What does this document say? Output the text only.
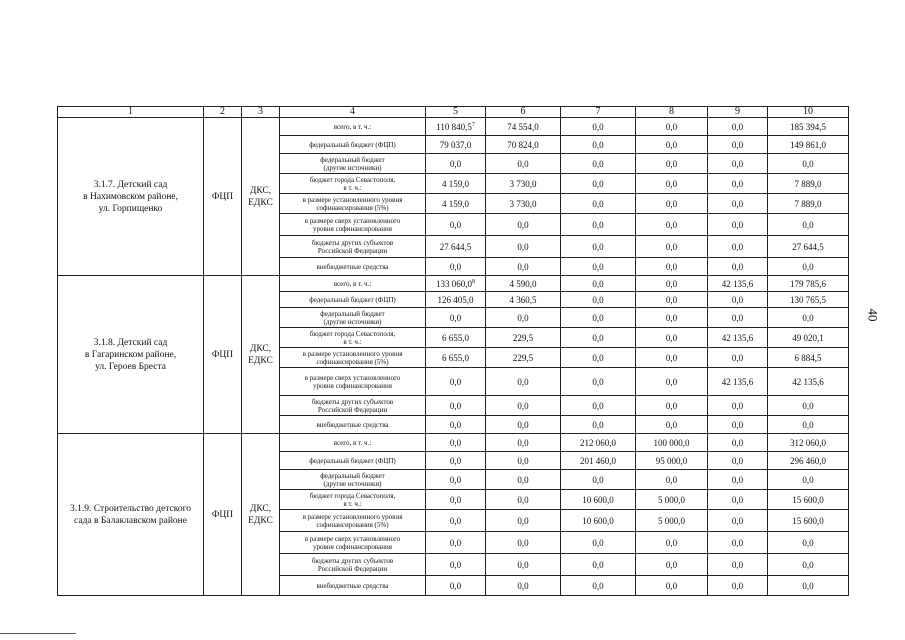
40
1	2	3	4	5	6	7	8	9	10
3.1.7. Детский сад
в Нахимовском районе,
ул. Горпищенко	ФЦП	ДКС,
ЕДКС	всего, в т. ч.:	110 840,5$^7$	74 554,0	0,0	0,0	0,0	185 394,5
			федеральный бюджет (ФЦП)	79 037,0	70 824,0	0,0	0,0	0,0	149 861,0
			федеральный бюджет
(другие источники)	0,0	0,0	0,0	0,0	0,0	0,0
			бюджет города Севастополя,
в т. ч.:	4 159,0	3 730,0	0,0	0,0	0,0	7 889,0
			в размере установленного уровня
софинансирования (5%)	4 159,0	3 730,0	0,0	0,0	0,0	7 889,0
			в размере сверх установленного
уровня софинансирования	0,0	0,0	0,0	0,0	0,0	0,0
			бюджеты других субъектов
Российской Федерации	27 644,5	0,0	0,0	0,0	0,0	27 644,5
			внебюджетные средства	0,0	0,0	0,0	0,0	0,0	0,0
3.1.8. Детский сад
в Гагаринском районе,
ул. Героев Бреста	ФЦП	ДКС,
ЕДКС	всего, в т. ч.:	133 060,0$^8$	4 590,0	0,0	0,0	42 135,6	179 785,6
			федеральный бюджет (ФЦП)	126 405,0	4 360,5	0,0	0,0	0,0	130 765,5
			федеральный бюджет
(другие источники)	0,0	0,0	0,0	0,0	0,0	0,0
			бюджет города Севастополя,
в т. ч.:	6 655,0	229,5	0,0	0,0	42 135,6	49 020,1
			в размере установленного уровня
софинансирования (5%)	6 655,0	229,5	0,0	0,0	0,0	6 884,5
			в размере сверх установленного
уровня софинансирования	0,0	0,0	0,0	0,0	42 135,6	42 135,6
			бюджеты других субъектов
Российской Федерации	0,0	0,0	0,0	0,0	0,0	0,0
			внебюджетные средства	0,0	0,0	0,0	0,0	0,0	0,0
3.1.9. Строительство детского
сада в Балаклавском районе	ФЦП	ДКС,
ЕДКС	всего, в т. ч.:	0,0	0,0	212 060,0	100 000,0	0,0	312 060,0
			федеральный бюджет (ФЦП)	0,0	0,0	201 460,0	95 000,0	0,0	296 460,0
			федеральный бюджет
(другие источники)	0,0	0,0	0,0	0,0	0,0	0,0
			бюджет города Севастополя,
в т. ч.:	0,0	0,0	10 600,0	5 000,0	0,0	15 600,0
			в размере установленного уровня
софинансирования (5%)	0,0	0,0	10 600,0	5 000,0	0,0	15 600,0
			в размере сверх установленного
уровня софинансирования	0,0	0,0	0,0	0,0	0,0	0,0
			бюджеты других субъектов
Российской Федерации	0,0	0,0	0,0	0,0	0,0	0,0
			внебюджетные средства	0,0	0,0	0,0	0,0	0,0	0,0
